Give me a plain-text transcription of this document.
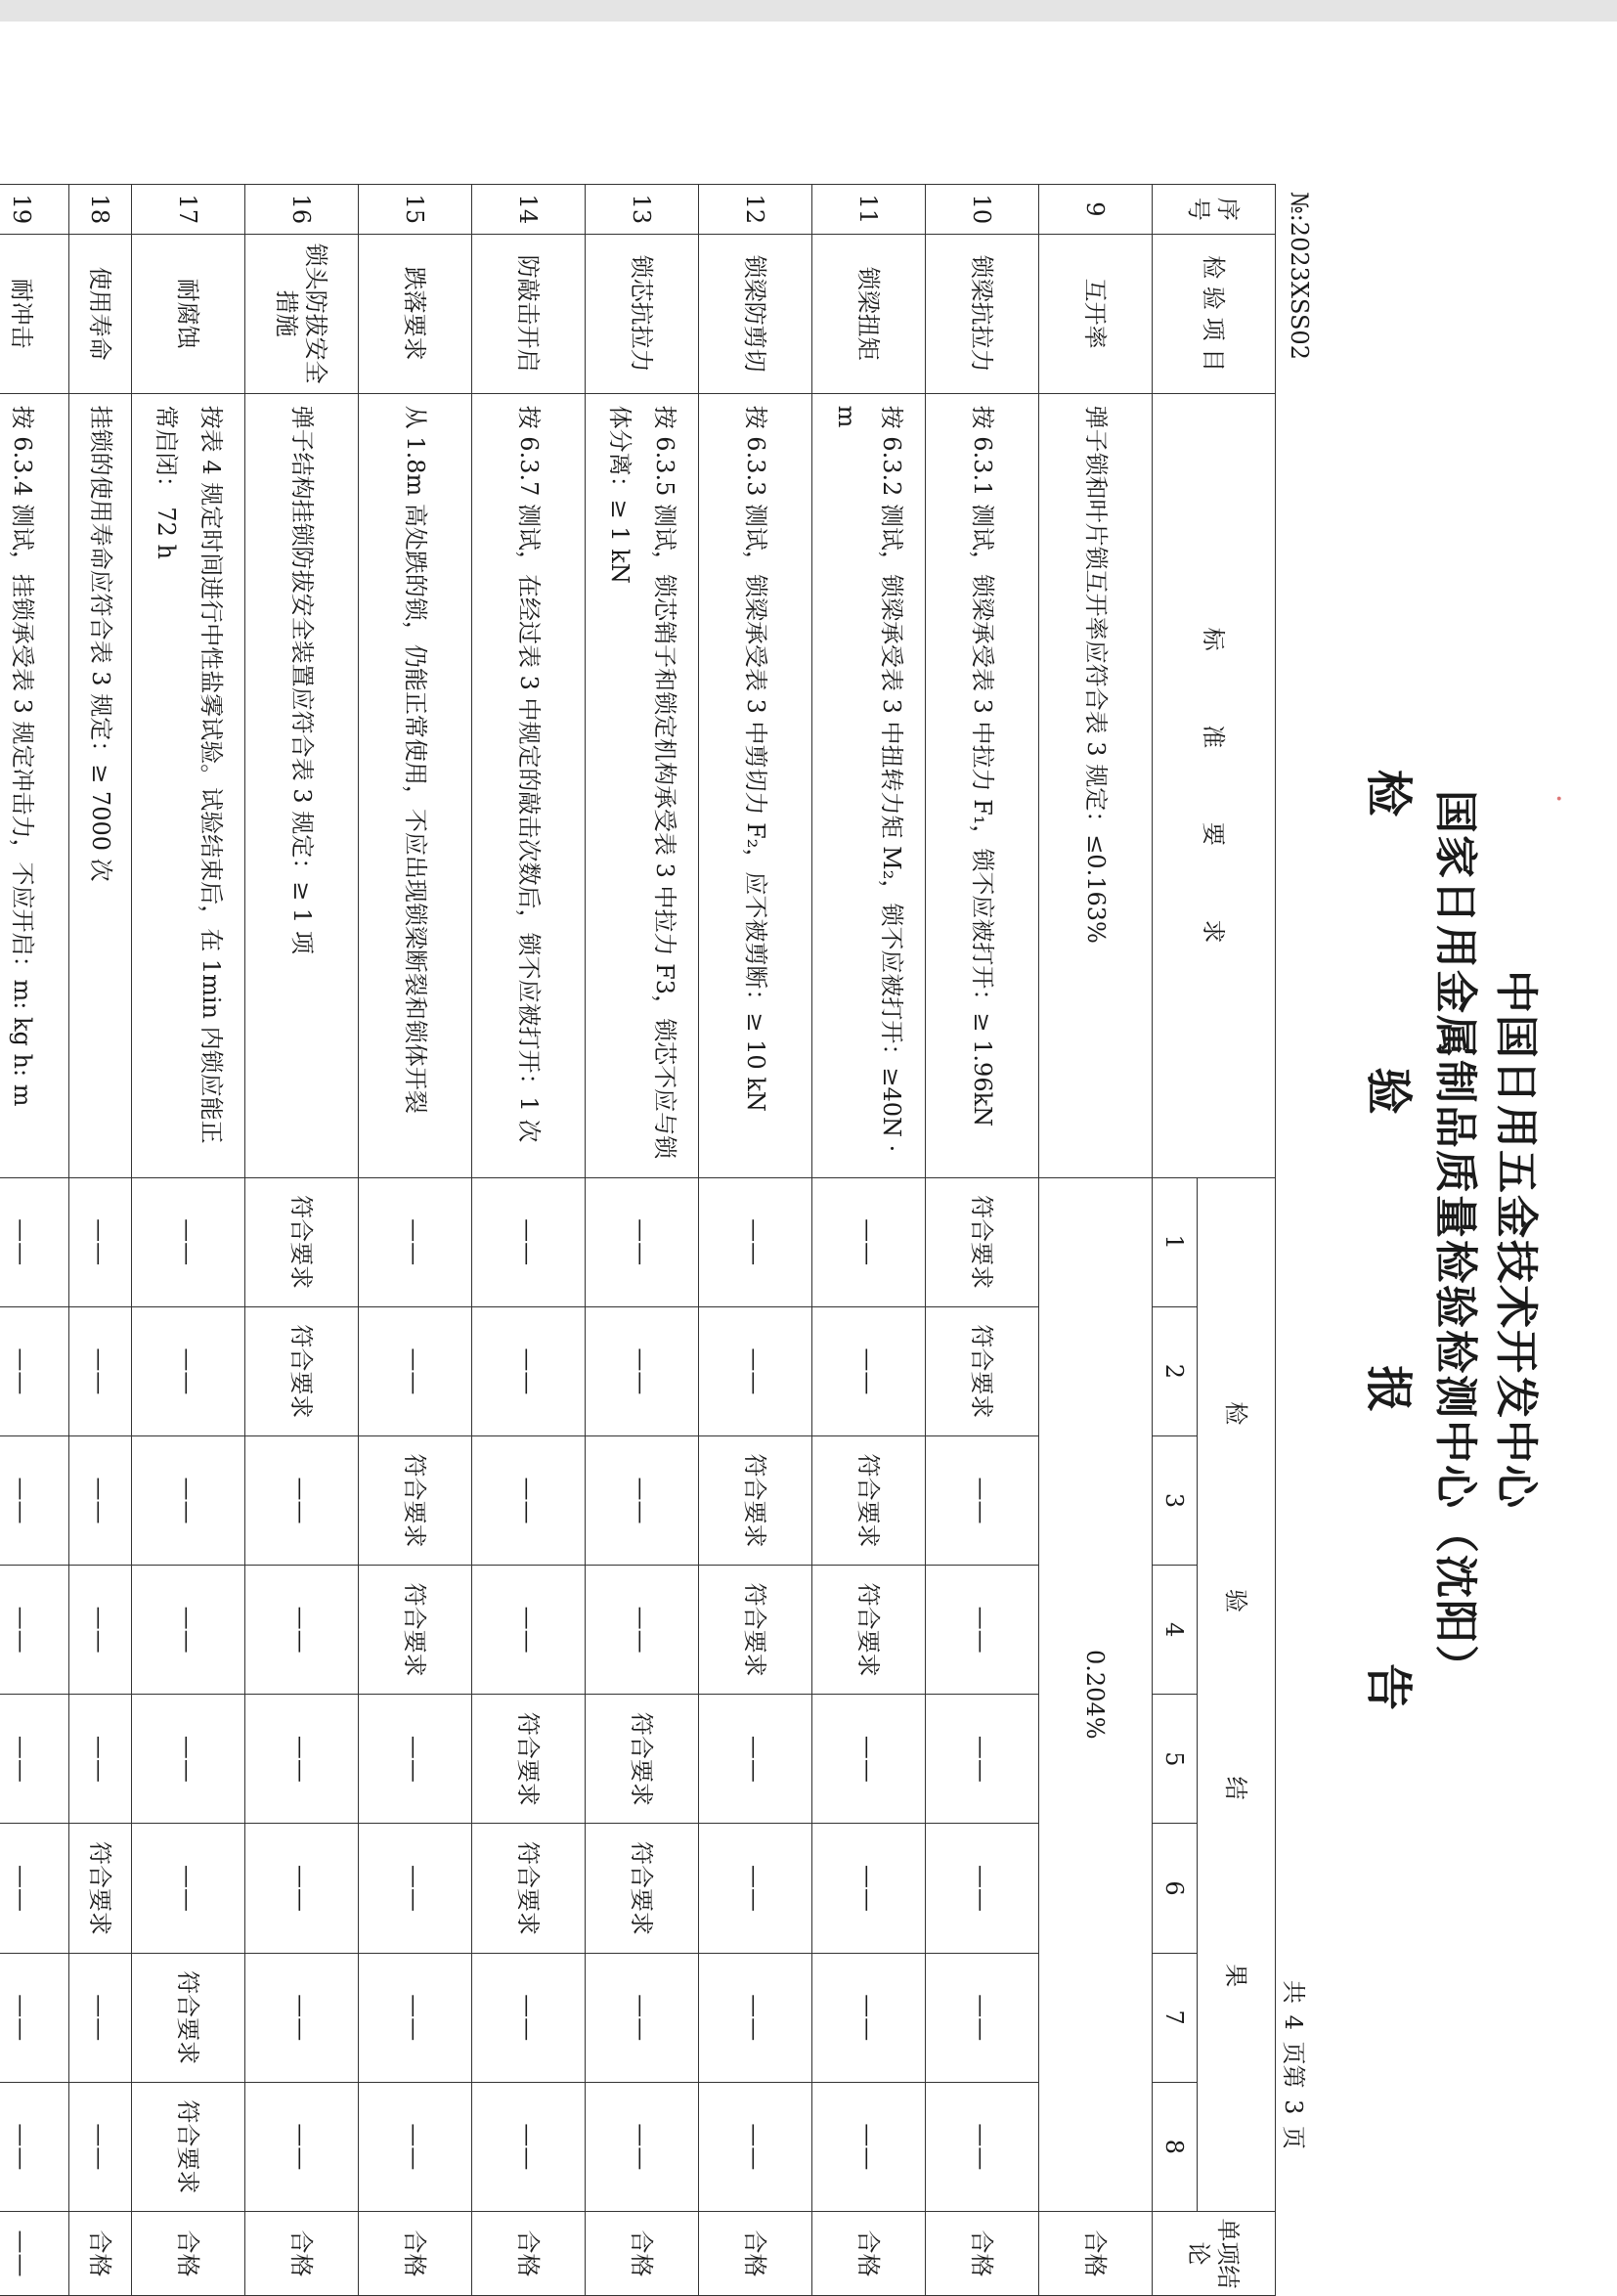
中国日用五金技术开发中心
国家日用金属制品质量检验检测中心（沈阳）
检 验 报 告
№:2023XSS02
共 4 页第 3 页
序号	检 验 项 目	标 准 要 求	检 验 结 果								单项结论
			1	2	3	4	5	6	7	8	
9	互开率	弹子锁和叶片锁互开率应符合表 3 规定：≤0.163%	0.204%								合格
10	锁梁抗拉力	按 6.3.1 测试，锁梁承受表 3 中拉力 F₁，锁不应被打开：≥ 1.96kN	符合要求	符合要求	——	——	——	——	——	——	合格
11	锁梁扭矩	按 6.3.2 测试，锁梁承受表 3 中扭转力矩 M₂，锁不应被打开：≥40N · m	——	——	符合要求	符合要求	——	——	——	——	合格
12	锁梁防剪切	按 6.3.3 测试，锁梁承受表 3 中剪切力 F₂，应不被剪断：≥ 10 kN	——	——	符合要求	符合要求	——	——	——	——	合格
13	锁芯抗拉力	按 6.3.5 测试，锁芯销子和锁定机构承受表 3 中拉力 F3，锁芯不应与锁体分离：≥ 1 kN	——	——	——	——	符合要求	符合要求	——	——	合格
14	防敲击开启	按 6.3.7 测试，在经过表 3 中规定的敲击次数后，锁不应被打开：1 次	——	——	——	——	符合要求	符合要求	——	——	合格
15	跌落要求	从 1.8m 高处跌的锁，仍能正常使用，不应出现锁梁断裂和锁体开裂	——	——	符合要求	符合要求	——	——	——	——	合格
16	锁头防拔安全措施	弹子结构挂锁防拔安全装置应符合表 3 规定：≥ 1 项	符合要求	符合要求	——	——	——	——	——	——	合格
17	耐腐蚀	按表 4 规定时间进行中性盐雾试验。试验结束后，在 1min 内锁应能正常启闭： 72 h	——	——	——	——	——	——	符合要求	符合要求	合格
18	使用寿命	挂锁的使用寿命应符合表 3 规定：≥ 7000 次	——	——	——	——	——	符合要求	——	——	合格
19	耐冲击	按 6.3.4 测试，挂锁承受表 3 规定冲击力，不应开启：m: kg h: m	——	——	——	——	——	——	——	——	——

·
